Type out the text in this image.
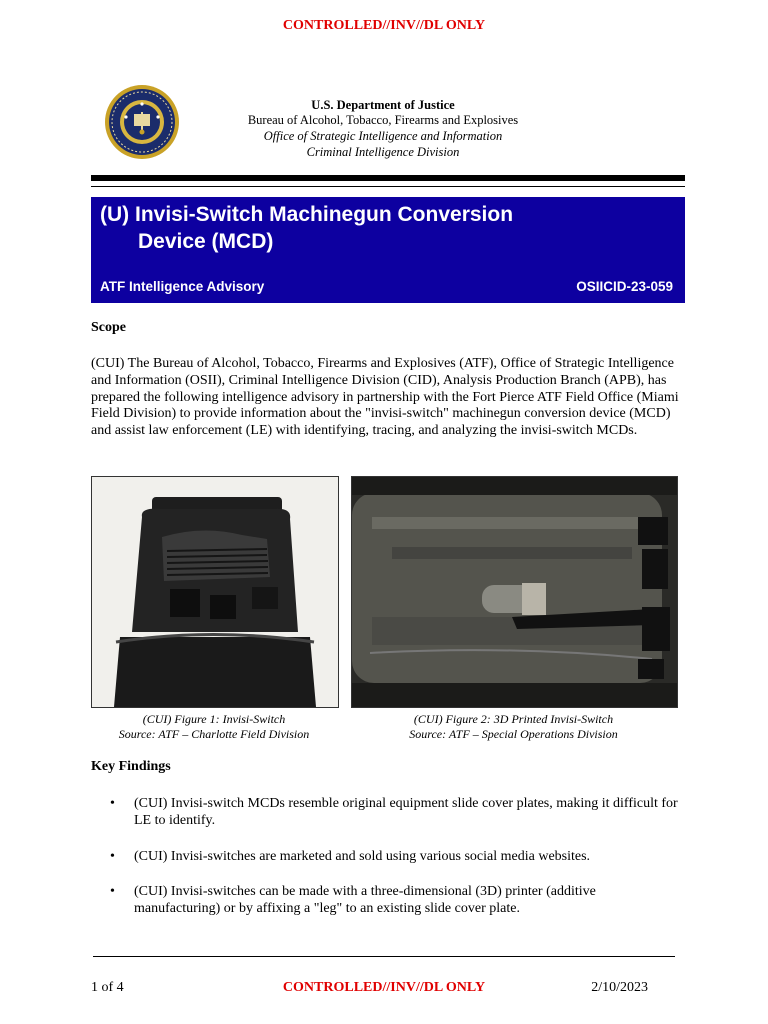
CONTROLLED//INV//DL ONLY
U.S. Department of Justice
Bureau of Alcohol, Tobacco, Firearms and Explosives
Office of Strategic Intelligence and Information
Criminal Intelligence Division
(U) Invisi-Switch Machinegun Conversion
Device (MCD)
ATF Intelligence Advisory	OSIICID-23-059
Scope
(CUI) The Bureau of Alcohol, Tobacco, Firearms and Explosives (ATF), Office of Strategic Intelligence and Information (OSII), Criminal Intelligence Division (CID), Analysis Production Branch (APB), has prepared the following intelligence advisory in partnership with the Fort Pierce ATF Field Office (Miami Field Division) to provide information about the "invisi-switch" machinegun conversion device (MCD) and assist law enforcement (LE) with identifying, tracing, and analyzing the invisi-switch MCDs.
(CUI) Figure 1: Invisi-Switch
Source: ATF – Charlotte Field Division
(CUI) Figure 2: 3D Printed Invisi-Switch
Source: ATF – Special Operations Division
Key Findings
• (CUI) Invisi-switch MCDs resemble original equipment slide cover plates, making it difficult for LE to identify.
• (CUI) Invisi-switches are marketed and sold using various social media websites.
• (CUI) Invisi-switches can be made with a three-dimensional (3D) printer (additive manufacturing) or by affixing a "leg" to an existing slide cover plate.
1 of 4	CONTROLLED//INV//DL ONLY	2/10/2023
